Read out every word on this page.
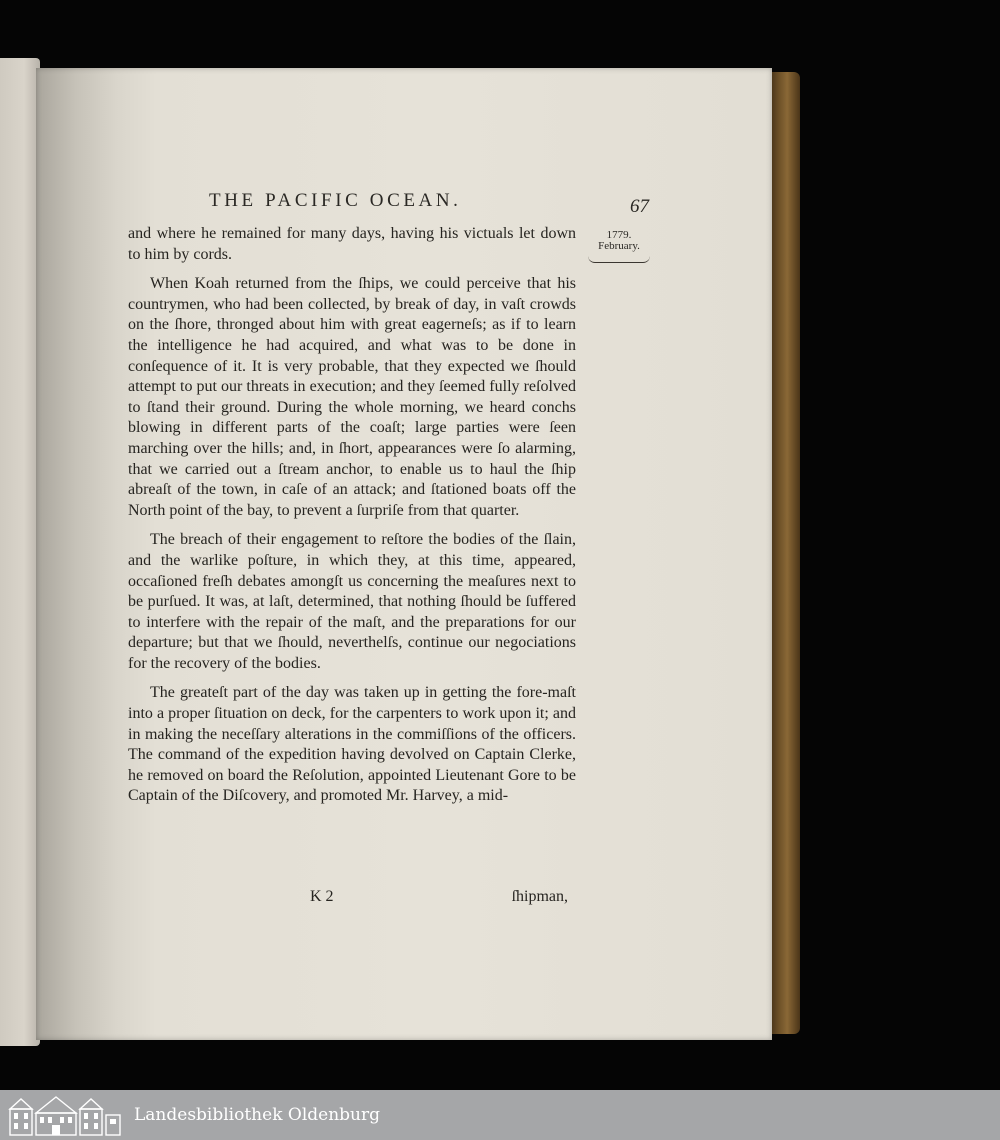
THE PACIFIC OCEAN.	67
1779.
February.

and where he remained for many days, having his victuals let down to him by cords.

When Koah returned from the ſhips, we could perceive that his countrymen, who had been collected, by break of day, in vaſt crowds on the ſhore, thronged about him with great eagerneſs; as if to learn the intelligence he had acquired, and what was to be done in conſequence of it. It is very probable, that they expected we ſhould attempt to put our threats in execution; and they ſeemed fully reſolved to ſtand their ground. During the whole morning, we heard conchs blowing in different parts of the coaſt; large parties were ſeen marching over the hills; and, in ſhort, appearances were ſo alarming, that we carried out a ſtream anchor, to enable us to haul the ſhip abreaſt of the town, in caſe of an attack; and ſtationed boats off the North point of the bay, to prevent a ſurpriſe from that quarter.

The breach of their engagement to reſtore the bodies of the ſlain, and the warlike poſture, in which they, at this time, appeared, occaſioned freſh debates amongſt us concerning the meaſures next to be purſued. It was, at laſt, determined, that nothing ſhould be ſuffered to interfere with the repair of the maſt, and the preparations for our departure; but that we ſhould, neverthelſs, continue our negociations for the recovery of the bodies.

The greateſt part of the day was taken up in getting the fore-maſt into a proper ſituation on deck, for the carpenters to work upon it; and in making the neceſſary alterations in the commiſſions of the officers. The command of the expedition having devolved on Captain Clerke, he removed on board the Reſolution, appointed Lieutenant Gore to be Captain of the Diſcovery, and promoted Mr. Harvey, a mid-

K 2	ſhipman,
Landesbibliothek Oldenburg
